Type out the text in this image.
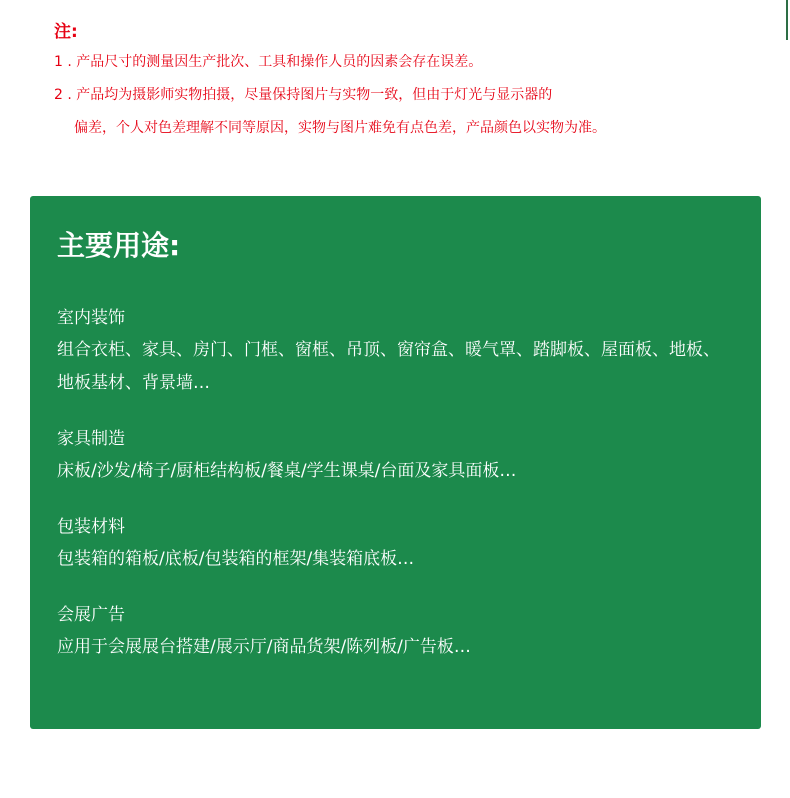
注:

1 . 产品尺寸的测量因生产批次、工具和操作人员的因素会存在误差。

2 . 产品均为摄影师实物拍摄，尽量保持图片与实物一致，但由于灯光与显示器的

偏差，个人对色差理解不同等原因，实物与图片难免有点色差，产品颜色以实物为准。

主要用途:

室内装饰

组合衣柜、家具、房门、门框、窗框、吊顶、窗帘盒、暖气罩、踏脚板、屋面板、地板、地板基材、背景墙…

家具制造

床板/沙发/椅子/厨柜结构板/餐桌/学生课桌/台面及家具面板…

包装材料

包装箱的箱板/底板/包装箱的框架/集装箱底板…

会展广告

应用于会展展台搭建/展示厅/商品货架/陈列板/广告板…
